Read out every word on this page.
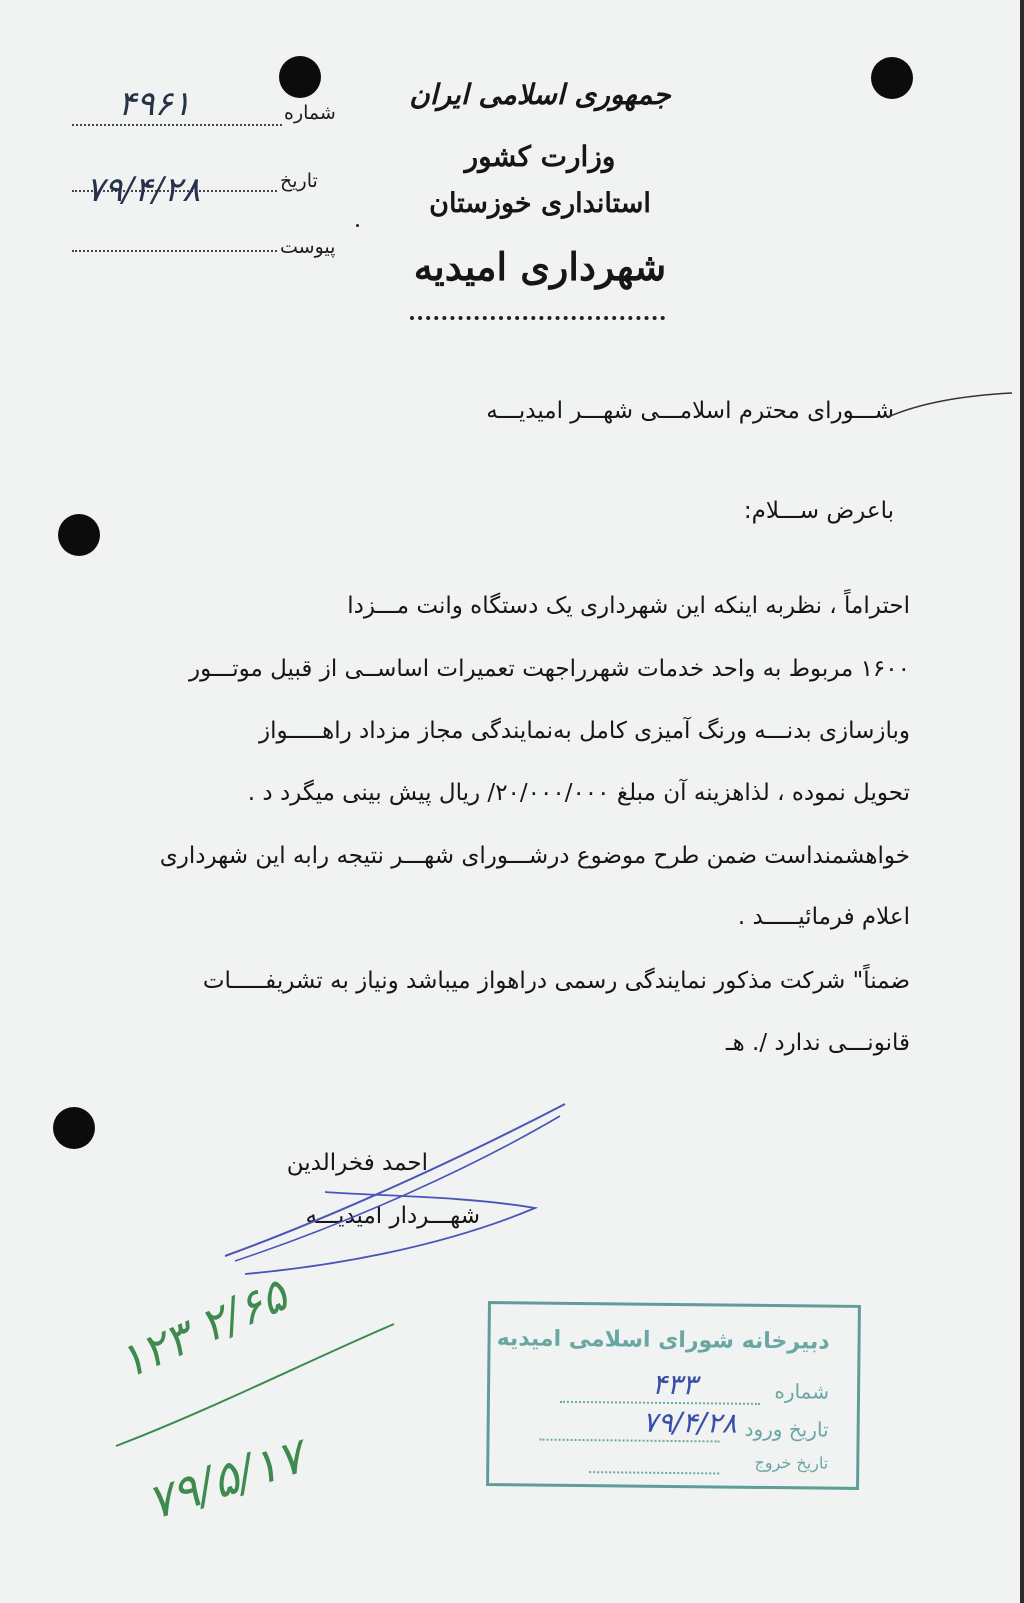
جمهوری اسلامی ایران
وزارت کشور
استانداری خوزستان
شهرداری امیدیه
شماره
۴۹۶۱
تاریخ
۷۹/۴/۲۸
پیوست
شـــورای محترم اسلامـــی شهـــر امیدیـــه
باعرض ســـلام:
احتراماً ، نظربه اینکه این شهرداری یک دستگاه وانت مـــزدا
۱۶۰۰ مربوط به واحد خدمات شهرراجهت تعمیرات اساســی از قبیل موتـــور
وبازسازی بدنـــه ورنگ آمیزی کامل به‌نمایندگی مجاز مزداد راهـــــواز
تحویل نموده ، لذاهزینه آن مبلغ ۲۰/۰۰۰/۰۰۰/ ریال پیش بینی میگرد د .
خواهشمنداست ضمن طرح موضوع درشـــورای شهـــر نتیجه رابه این شهرداری
اعلام فرمائیـــــد .
ضمناً" شرکت مذکور نمایندگی رسمی دراهواز میباشد ونیاز به تشریفـــــات
قانونـــی ندارد /. هـ
احمد فخرالدین
شهـــردار امیدیـــه
۱۲۳ ۲/۶۵
۷۹/۵/۱۷
دبیرخانه شورای اسلامی امیدیه
شماره
۴۳۳
تاریخ ورود
۷۹/۴/۲۸
تاریخ خروج
